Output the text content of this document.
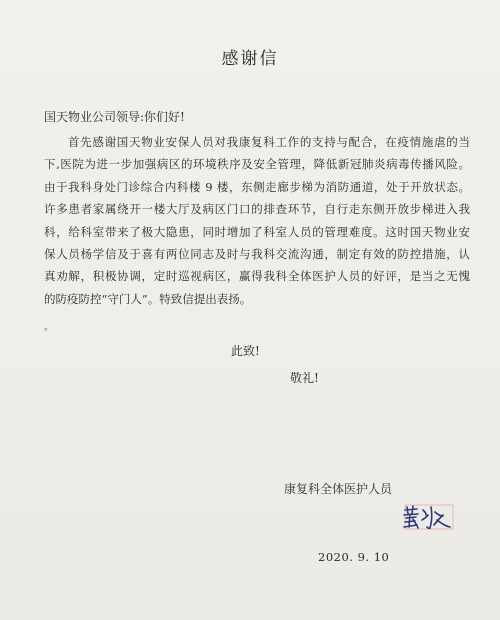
感谢信
国天物业公司领导:你们好!
首先感谢国天物业安保人员对我康复科工作的支持与配合，在疫情施虐的当
下,医院为进一步加强病区的环境秩序及安全管理，降低新冠肺炎病毒传播风险。
由于我科身处门诊综合内科楼 9 楼，东侧走廊步梯为消防通道，处于开放状态。
许多患者家属绕开一楼大厅及病区门口的排查环节，自行走东侧开放步梯进入我
科，给科室带来了极大隐患，同时增加了科室人员的管理难度。这时国天物业安
保人员杨学信及于喜有两位同志及时与我科交流沟通，制定有效的防控措施，认
真劝解，积极协调，定时巡视病区，赢得我科全体医护人员的好评，是当之无愧
的防疫防控“守门人”。特致信提出表扬。
。
此致!
敬礼!
康复科全体医护人员
2020. 9. 10
